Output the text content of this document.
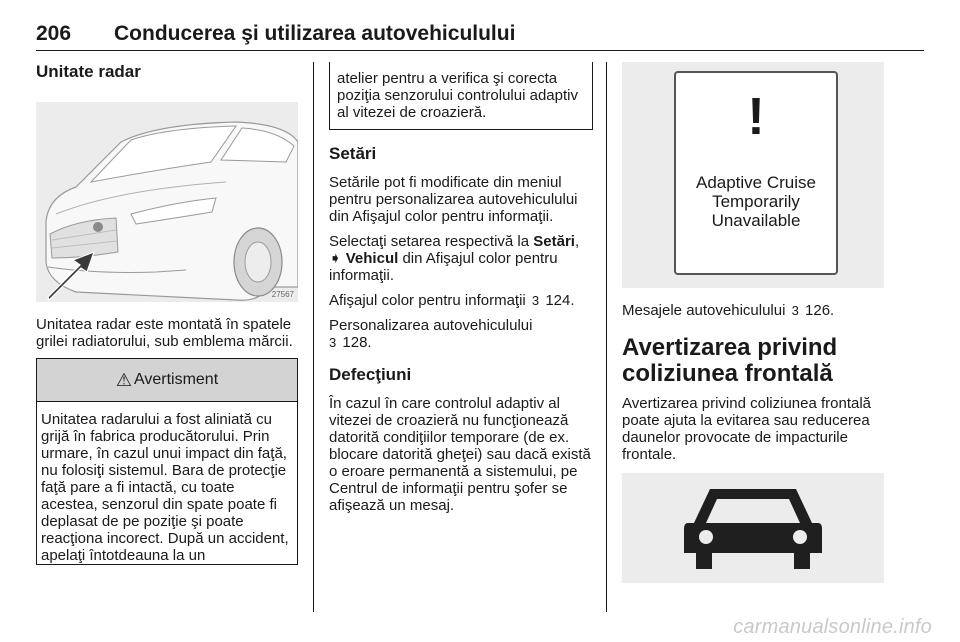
206 Conducerea şi utilizarea autovehiculului
Unitate radar
27567

Unitatea radar este montată în spatele grilei radiatorului, sub emblema mărcii.

⚠ Avertisment

Unitatea radarului a fost aliniată cu grijă în fabrica producătorului. Prin urmare, în cazul unui impact din faţă, nu folosiţi sistemul. Bara de protecţie faţă pare a fi intactă, cu toate acestea, senzorul din spate poate fi deplasat de pe poziţie şi poate reacţiona incorect. După un accident, apelaţi întotdeauna la un

atelier pentru a verifica şi corecta poziţia senzorului controlului adaptiv al vitezei de croazieră.

Setări

Setările pot fi modificate din meniul pentru personalizarea autovehiculului din Afişajul color pentru informaţii.

Selectaţi setarea respectivă la Setări, ➧ Vehicul din Afişajul color pentru informaţii.

Afişajul color pentru informaţii 3 124.

Personalizarea autovehiculului
3 128.

Defecţiuni

În cazul în care controlul adaptiv al vitezei de croazieră nu funcţionează datorită condiţiilor temporare (de ex. blocare datorită gheţei) sau dacă există o eroare permanentă a sistemului, pe Centrul de informaţii pentru şofer se afişează un mesaj.

!
Adaptive Cruise
Temporarily
Unavailable

Mesajele autovehiculului 3 126.

Avertizarea privind coliziunea frontală

Avertizarea privind coliziunea frontală poate ajuta la evitarea sau reducerea daunelor provocate de impacturile frontale.

carmanualsonline.info
